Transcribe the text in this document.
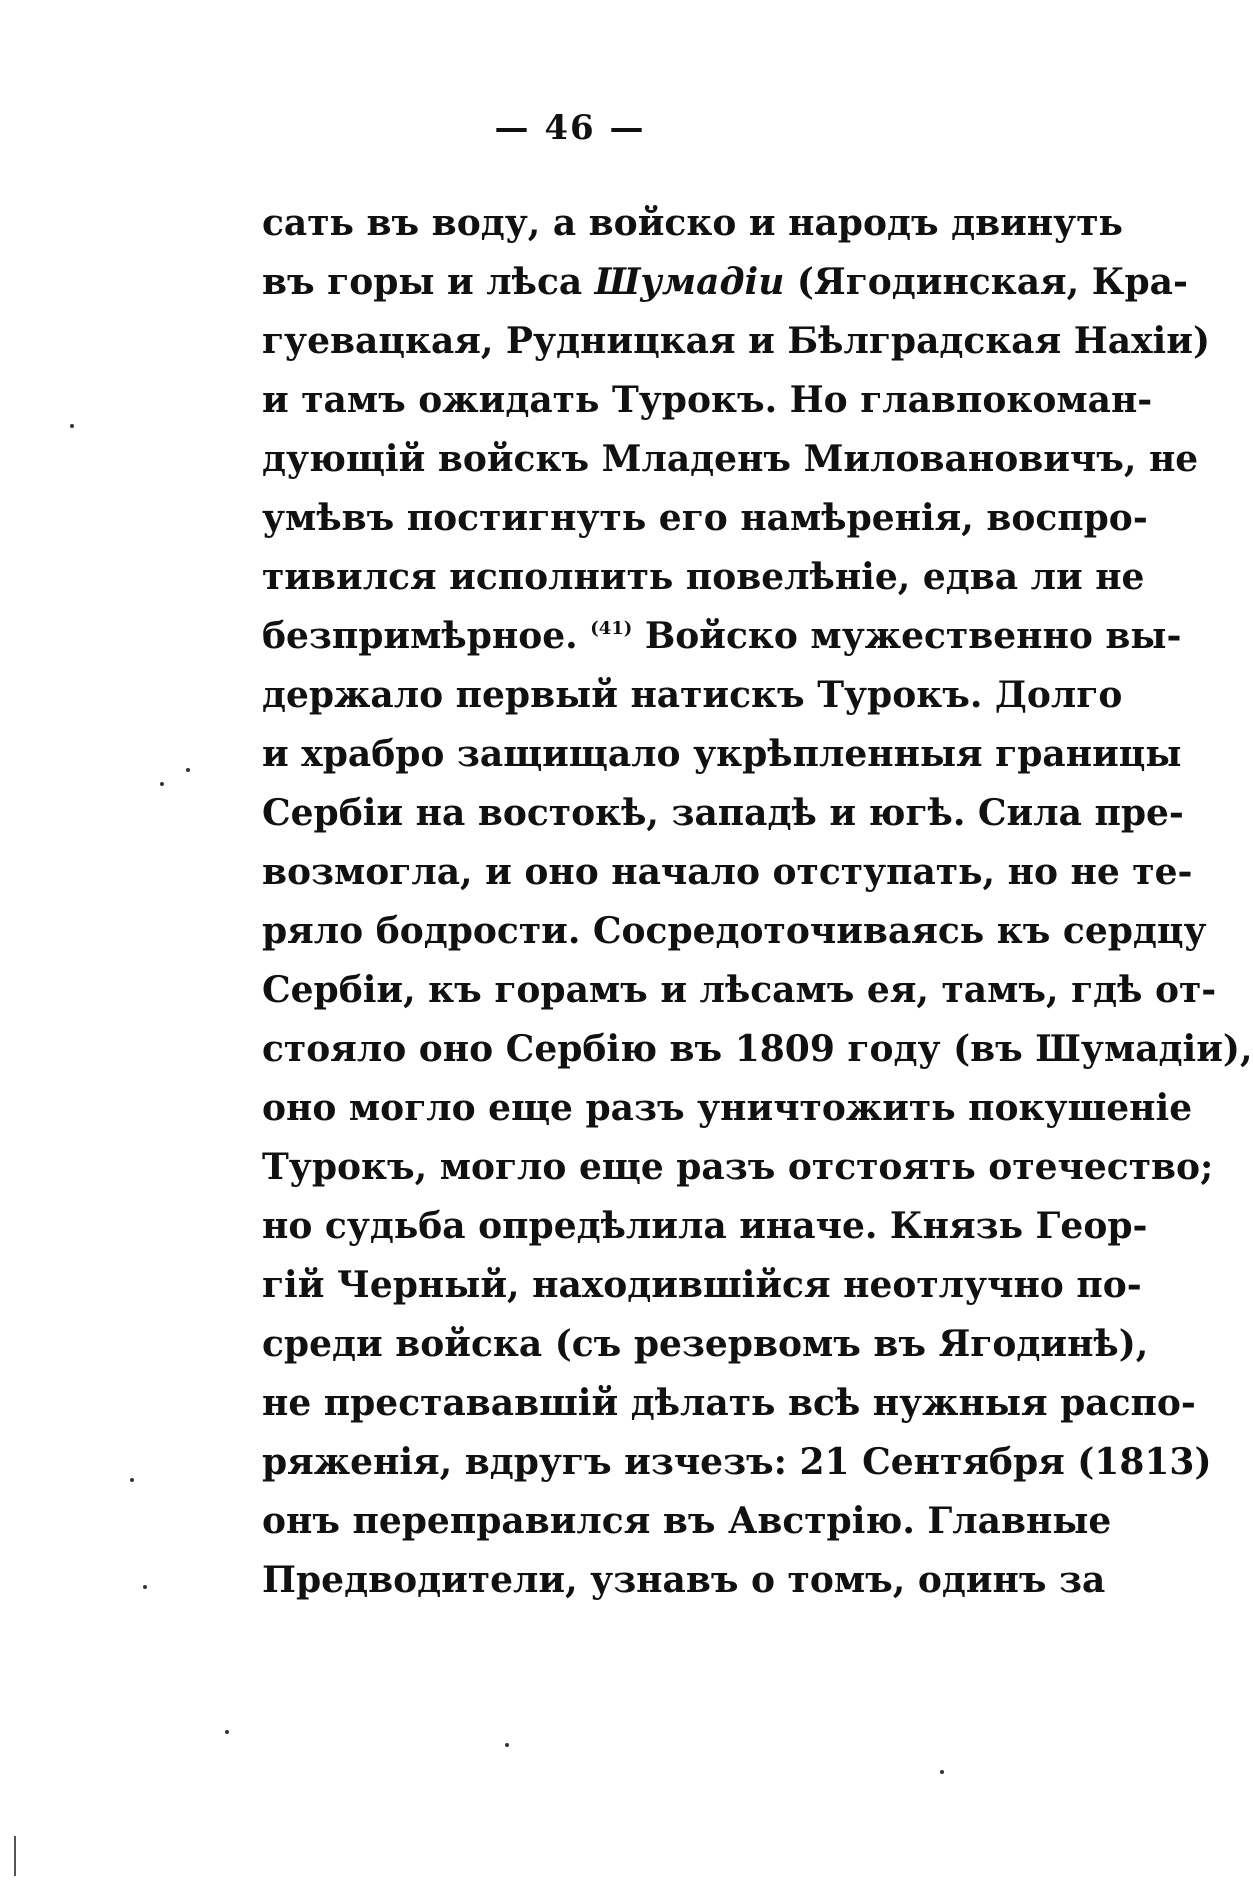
— 46 —
сать въ воду, а войско и народъ двинуть
въ горы и лѣса Шумадіи (Ягодинская, Кра-
гуевацкая, Рудницкая и Бѣлградская Нахіи)
и тамъ ожидать Турокъ. Но главпокоман-
дующій войскъ Младенъ Миловановичъ, не
умѣвъ постигнуть его намѣренія, воспро-
тивился исполнить повелѣніе, едва ли не
безпримѣрное. $^{(41)}$ Войско мужественно вы-
держало первый натискъ Турокъ. Долго
и храбро защищало укрѣпленныя границы
Сербіи на востокѣ, западѣ и югѣ. Сила пре-
возмогла, и оно начало отступать, но не те-
ряло бодрости. Сосредоточиваясь къ сердцу
Сербіи, къ горамъ и лѣсамъ ея, тамъ, гдѣ от-
стояло оно Сербію въ 1809 году (въ Шумадіи),
оно могло еще разъ уничтожить покушеніе
Турокъ, могло еще разъ отстоять отечество;
но судьба опредѣлила иначе. Князь Геор-
гій Черный, находившійся неотлучно по-
среди войска (съ резервомъ въ Ягодинѣ),
не престававшій дѣлать всѣ нужныя распо-
ряженія, вдругъ изчезъ: 21 Сентября (1813)
онъ переправился въ Австрію. Главные
Предводители, узнавъ о томъ, одинъ за
